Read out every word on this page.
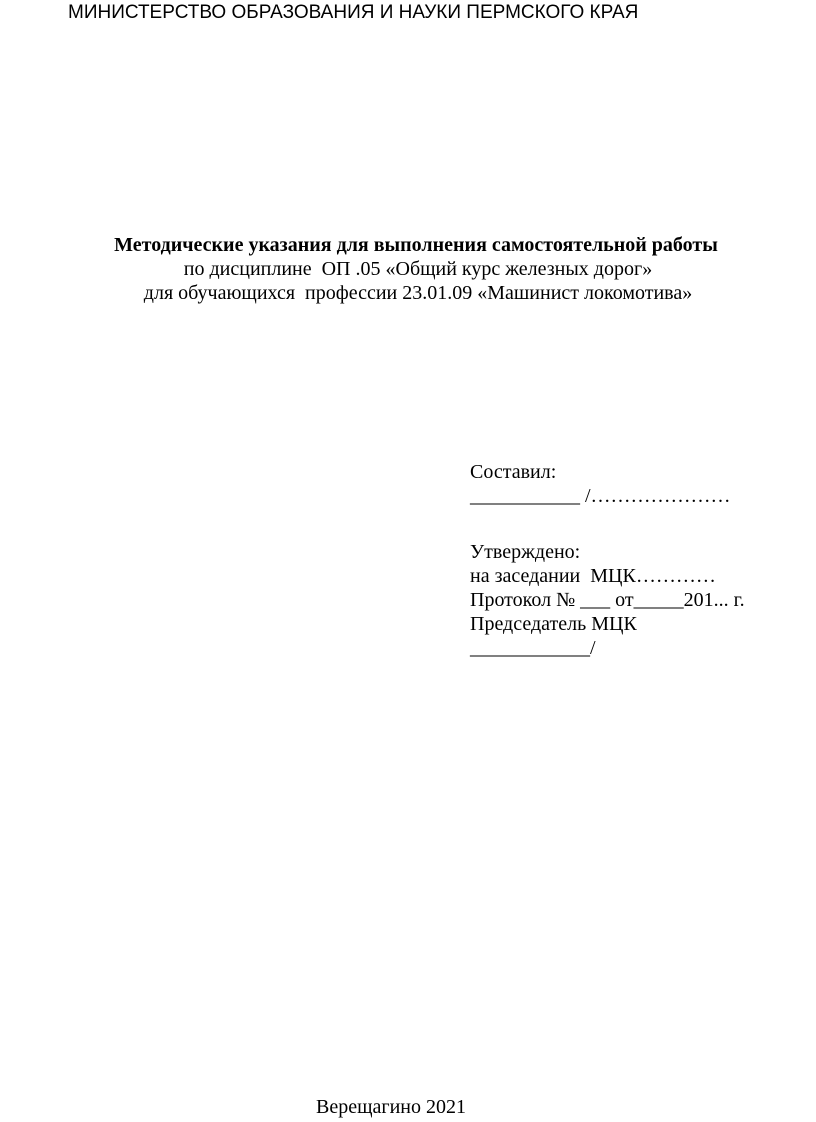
МИНИСТЕРСТВО ОБРАЗОВАНИЯ И НАУКИ ПЕРМСКОГО КРАЯ
Методические указания для выполнения самостоятельной работы
по дисциплине  ОП .05 «Общий курс железных дорог»
для обучающихся  профессии 23.01.09 «Машинист локомотива»
Составил:
___________ /…………………
Утверждено:
на заседании  МЦК…………
Протокол № ___ от_____201... г.
Председатель МЦК
____________/
Верещагино 2021
